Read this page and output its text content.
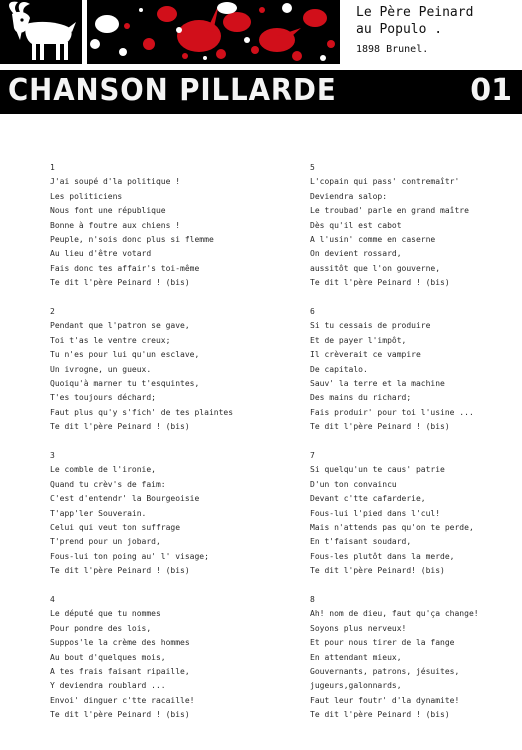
Le Père Peinard
au Populo .
1898 Brunel.
CHANSON PILLARDE	01
1
J'ai soupé d'la politique !
Les politiciens
Nous font une république
Bonne à foutre aux chiens !
Peuple, n'sois donc plus si flemme
Au lieu d'être votard
Fais donc tes affair's toi-même
Te dit l'père Peinard ! (bis)
2
Pendant que l'patron se gave,
Toi t'as le ventre creux;
Tu n'es pour lui qu'un esclave,
Un ivrogne, un gueux.
Quoiqu'à marner tu t'esquintes,
T'es toujours déchard;
Faut plus qu'y s'fich' de tes plaintes
Te dit l'père Peinard ! (bis)
3
Le comble de l'ironie,
Quand tu crèv's de faim:
C'est d'entendr' la Bourgeoisie
T'app'ler Souverain.
Celui qui veut ton suffrage
T'prend pour un jobard,
Fous-lui ton poing au' l' visage;
Te dit l'père Peinard ! (bis)
4
Le député que tu nommes
Pour pondre des lois,
Suppos'le la crème des hommes
Au bout d'quelques mois,
A tes frais faisant ripaille,
Y deviendra roublard ...
Envoi' dinguer c'tte racaille!
Te dit l'père Peinard ! (bis)
5
L'copain qui pass' contremaîtr'
Deviendra salop:
Le troubad' parle en grand maître
Dès qu'il est cabot
A l'usin' comme en caserne
On devient rossard,
aussitôt que l'on gouverne,
Te dit l'père Peinard ! (bis)
6
Si tu cessais de produire
Et de payer l'impôt,
Il crèverait ce vampire
De capitalo.
Sauv' la terre et la machine
Des mains du richard;
Fais produir' pour toi l'usine ...
Te dit l'père Peinard ! (bis)
7
Si quelqu'un te caus' patrie
D'un ton convaincu
Devant c'tte cafarderie,
Fous-lui l'pied dans l'cul!
Mais n'attends pas qu'on te perde,
En t'faisant soudard,
Fous-les plutôt dans la merde,
Te dit l'père Peinard! (bis)
8
Ah! nom de dieu, faut qu'ça change!
Soyons plus nerveux!
Et pour nous tirer de la fange
En attendant mieux,
Gouvernants, patrons, jésuites,
jugeurs,galonnards,
Faut leur foutr' d'la dynamite!
Te dit l'père Peinard ! (bis)
